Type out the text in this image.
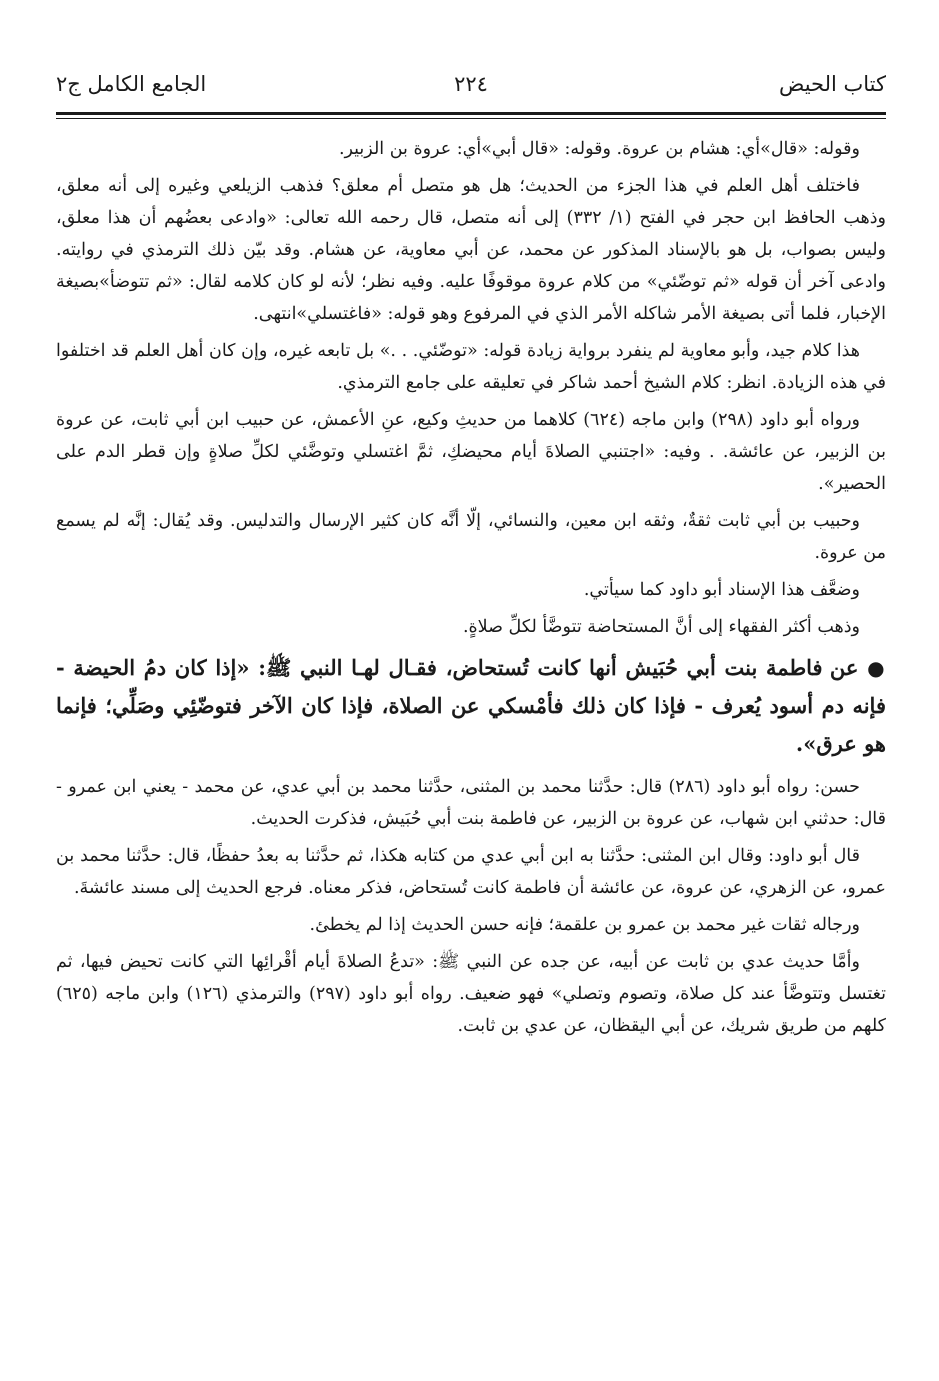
كتاب الحيض
٢٢٤
الجامع الكامل ج٢

وقوله: «قال»أي: هشام بن عروة. وقوله: «قال أبي»أي: عروة بن الزبير.

فاختلف أهل العلم في هذا الجزء من الحديث؛ هل هو متصل أم معلق؟ فذهب الزيلعي وغيره إلى أنه معلق، وذهب الحافظ ابن حجر في الفتح (١/ ٣٣٢) إلى أنه متصل، قال رحمه الله تعالى: «وادعى بعضُهم أن هذا معلق، وليس بصواب، بل هو بالإسناد المذكور عن محمد، عن أبي معاوية، عن هشام. وقد بيّن ذلك الترمذي في روايته. وادعى آخر أن قوله «ثم توضّئي» من كلام عروة موقوفًا عليه. وفيه نظر؛ لأنه لو كان كلامه لقال: «ثم تتوضأ»بصيغة الإخبار، فلما أتى بصيغة الأمر شاكله الأمر الذي في المرفوع وهو قوله: «فاغتسلي»انتهى.

هذا كلام جيد، وأبو معاوية لم ينفرد برواية زيادة قوله: «توضّئي. . .» بل تابعه غيره، وإن كان أهل العلم قد اختلفوا في هذه الزيادة. انظر: كلام الشيخ أحمد شاكر في تعليقه على جامع الترمذي.

ورواه أبو داود (٢٩٨) وابن ماجه (٦٢٤) كلاهما من حديثِ وكيع، عنِ الأعمش، عن حبيب ابن أبي ثابت، عن عروة بن الزبير، عن عائشة. . وفيه: «اجتنبي الصلاةَ أيام محيضكِ، ثمَّ اغتسلي وتوضَّئي لكلِّ صلاةٍ وإن قطر الدم على الحصير».

وحبيب بن أبي ثابت ثقةٌ، وثقه ابن معين، والنسائي، إلّا أنَّه كان كثير الإرسال والتدليس. وقد يُقال: إنَّه لم يسمع من عروة.

وضعَّف هذا الإسناد أبو داود كما سيأتي.

وذهب أكثر الفقهاء إلى أنَّ المستحاضة تتوضَّأ لكلِّ صلاةٍ.

● عن فاطمة بنت أبي حُبَيش أنها كانت تُستحاض، فقـال لهـا النبي ﷺ: «إذا كان دمُ الحيضة - فإنه دم أسود يُعرف - فإذا كان ذلك فأمْسكي عن الصلاة، فإذا كان الآخر فتوضّئِي وصَلِّي؛ فإنما هو عرق».

حسن: رواه أبو داود (٢٨٦) قال: حدَّثنا محمد بن المثنى، حدَّثنا محمد بن أبي عدي، عن محمد - يعني ابن عمرو - قال: حدثني ابن شهاب، عن عروة بن الزبير، عن فاطمة بنت أبي حُبَيش، فذكرت الحديث.

قال أبو داود: وقال ابن المثنى: حدَّثنا به ابن أبي عدي من كتابه هكذا، ثم حدَّثنا به بعدُ حفظًا، قال: حدَّثنا محمد بن عمرو، عن الزهري، عن عروة، عن عائشة أن فاطمة كانت تُستحاض، فذكر معناه. فرجع الحديث إلى مسند عائشةَ.

ورجاله ثقات غير محمد بن عمرو بن علقمة؛ فإنه حسن الحديث إذا لم يخطئ.

وأمَّا حديث عدي بن ثابت عن أبيه، عن جده عن النبي ﷺ: «تدعُ الصلاةَ أيام أقْرائِها التي كانت تحيض فيها، ثم تغتسل وتتوضَّأ عند كل صلاة، وتصوم وتصلي» فهو ضعيف. رواه أبو داود (٢٩٧) والترمذي (١٢٦) وابن ماجه (٦٢٥) كلهم من طريق شريك، عن أبي اليقظان، عن عدي بن ثابت.
